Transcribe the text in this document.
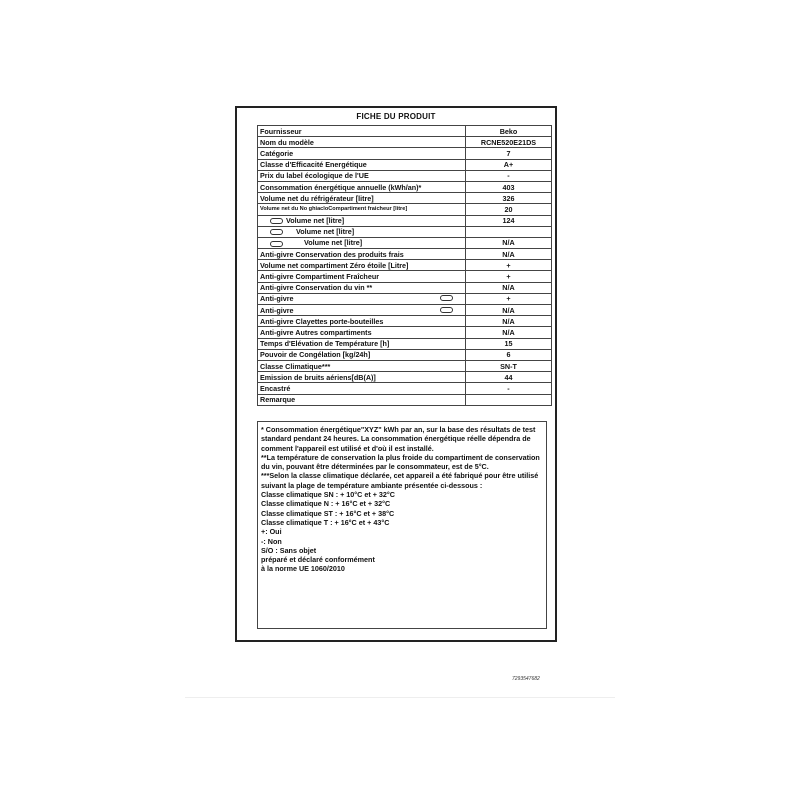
FICHE DU PRODUIT
Fournisseur	Beko
Nom du modèle	RCNE520E21DS
Catégorie	7
Classe d'Efficacité Energétique	A+
Prix du label écologique de l'UE	-
Consommation énergétique annuelle (kWh/an)*	403
Volume net du réfrigérateur [litre]	326
Volume net du No ghiacloCompartiment fraicheur [litre]	20
Volume net [litre]	124
Volume net [litre]	
Volume net [litre]	N/A
Anti-givre Conservation des produits frais	N/A
Volume net compartiment Zéro étoile [Litre]	+
Anti-givre Compartiment Fraîcheur	+
Anti-givre Conservation du vin **	N/A
Anti-givre	+
Anti-givre	N/A
Anti-givre Clayettes porte-bouteilles	N/A
Anti-givre Autres compartiments	N/A
Temps d'Elévation de Température [h]	15
Pouvoir de Congélation [kg/24h]	6
Classe Climatique***	SN-T
Emission de bruits aériens[dB(A)]	44
Encastré	-
Remarque	

* Consommation énergétique"XYZ" kWh par an, sur la base des résultats de test standard pendant 24 heures. La consommation énergétique réelle dépendra de comment l'appareil est utilisé et d'où il est installé.

**La température de conservation la plus froide du compartiment de conservation du vin, pouvant être déterminées par le consommateur, est de 5°C.

***Selon la classe climatique déclarée, cet appareil a été fabriqué pour être utilisé suivant la plage de température ambiante présentée ci-dessous :

Classe climatique SN : + 10°C et + 32°C

Classe climatique N : + 16°C et + 32°C

Classe climatique ST : + 16°C et + 38°C

Classe climatique T : + 16°C et + 43°C

+: Oui

-: Non

S/O : Sans objet

préparé et déclaré conformément

à la norme UE 1060/2010

7293547682
